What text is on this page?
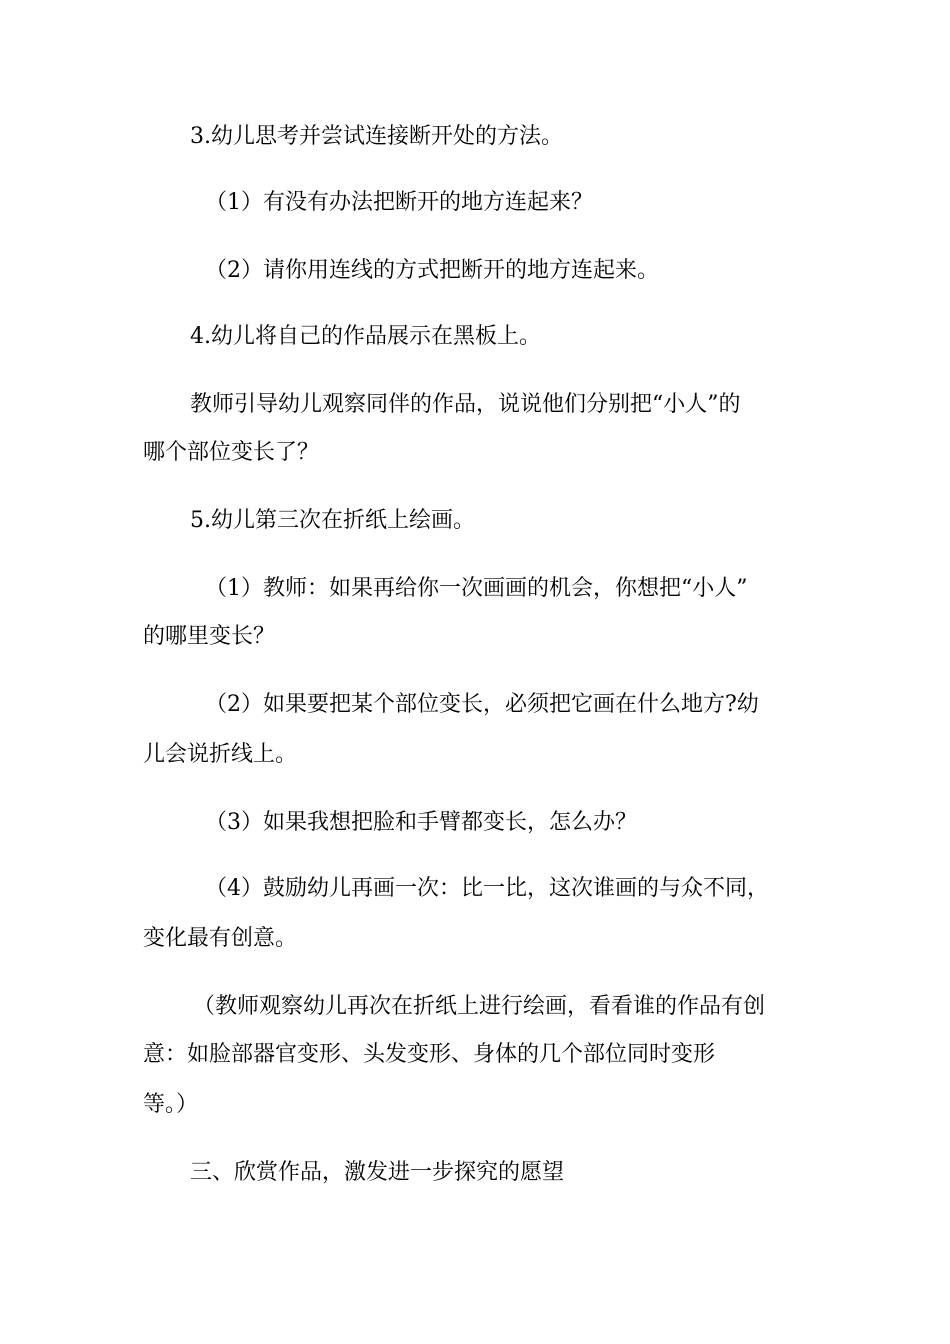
3.幼儿思考并尝试连接断开处的方法。
（1）有没有办法把断开的地方连起来？
（2）请你用连线的方式把断开的地方连起来。
4.幼儿将自己的作品展示在黑板上。
教师引导幼儿观察同伴的作品，说说他们分别把“小人”的
哪个部位变长了？
5.幼儿第三次在折纸上绘画。
（1）教师：如果再给你一次画画的机会，你想把“小人”
的哪里变长？
（2）如果要把某个部位变长，必须把它画在什么地方?幼
儿会说折线上。
（3）如果我想把脸和手臂都变长，怎么办？
（4）鼓励幼儿再画一次：比一比，这次谁画的与众不同，
变化最有创意。
（教师观察幼儿再次在折纸上进行绘画，看看谁的作品有创
意：如脸部器官变形、头发变形、身体的几个部位同时变形
等。）
三、欣赏作品，激发进一步探究的愿望
